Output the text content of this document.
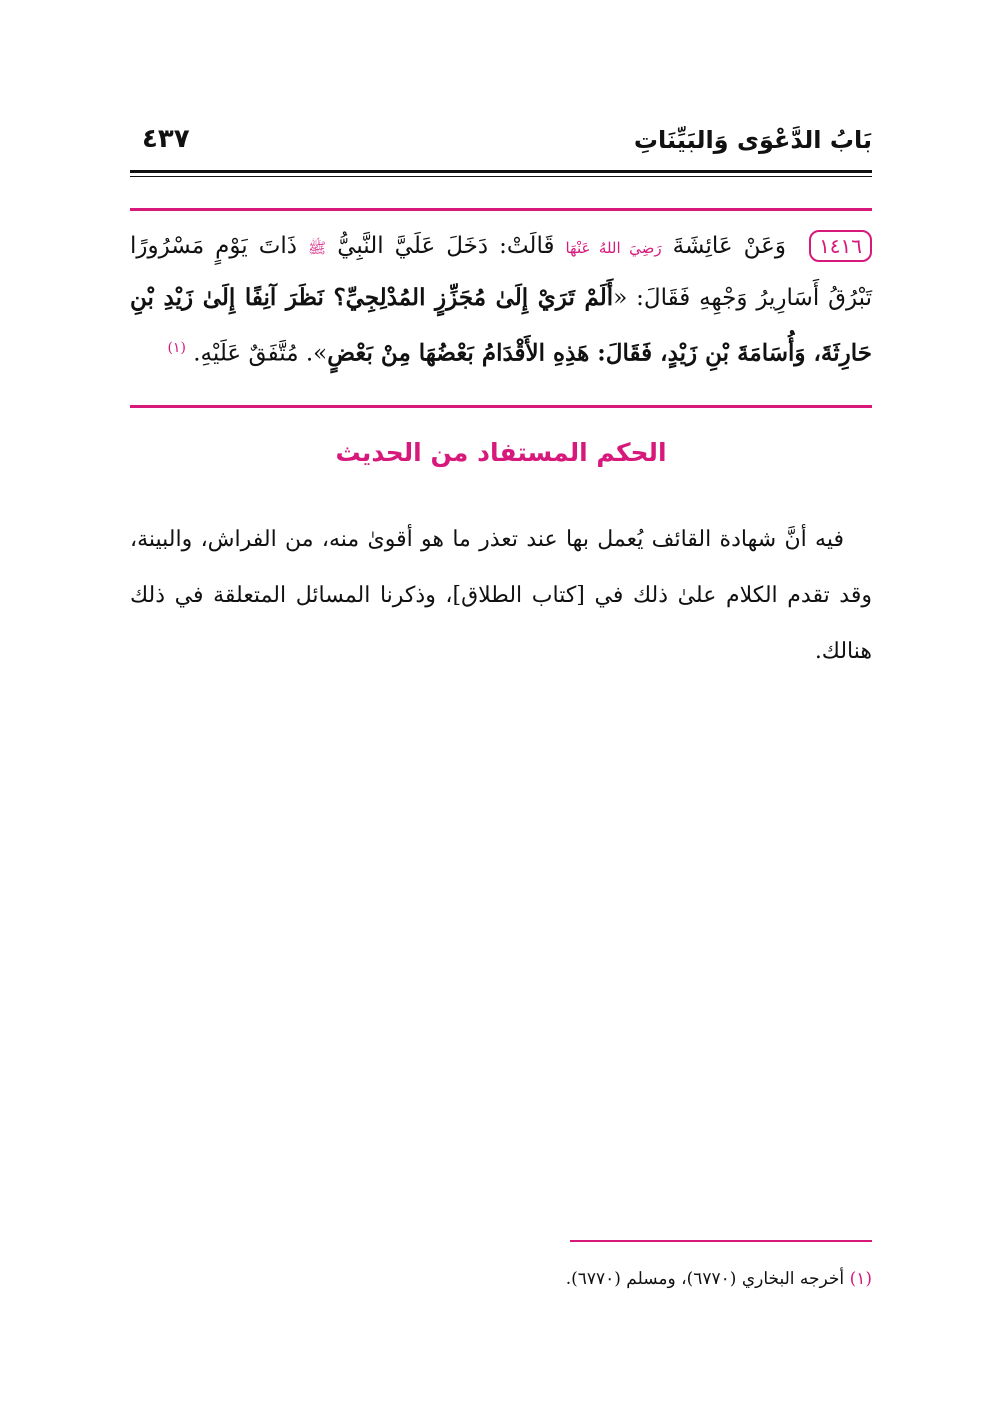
بَابُ الدَّعْوَى وَالبَيِّنَاتِ
٤٣٧
١٤١٦ وَعَنْ عَائِشَةَ رَضِيَ اللهُ عَنْهَا قَالَتْ: دَخَلَ عَلَيَّ النَّبِيُّ ﷺ ذَاتَ يَوْمٍ مَسْرُورًا تَبْرُقُ أَسَارِيرُ وَجْهِهِ فَقَالَ: «أَلَمْ تَرَيْ إِلَىٰ مُجَزِّزٍ المُدْلِجِيِّ؟ نَظَرَ آنِفًا إِلَىٰ زَيْدِ بْنِ حَارِثَةَ، وَأُسَامَةَ بْنِ زَيْدٍ، فَقَالَ: هَذِهِ الأَقْدَامُ بَعْضُهَا مِنْ بَعْضٍ». مُتَّفَقٌ عَلَيْهِ. $^{(١)}$
الحكم المستفاد من الحديث
فيه أنَّ شهادة القائف يُعمل بها عند تعذر ما هو أقوىٰ منه، من الفراش، والبينة، وقد تقدم الكلام علىٰ ذلك في [كتاب الطلاق]، وذكرنا المسائل المتعلقة في ذلك هنالك.
(١) أخرجه البخاري (٦٧٧٠)، ومسلم (٦٧٧٠).
